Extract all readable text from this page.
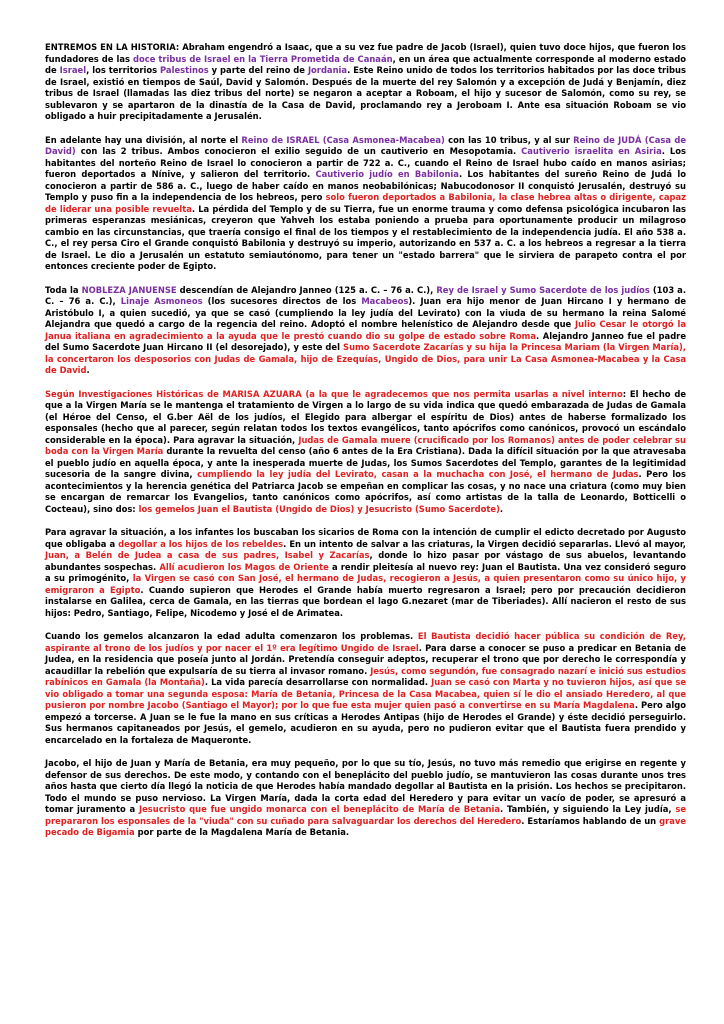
ENTREMOS EN LA HISTORIA: Abraham engendró a Isaac, que a su vez fue padre de Jacob (Israel), quien tuvo doce hijos, que fueron los fundadores de las doce tribus de Israel en la Tierra Prometida de Canaán, en un área que actualmente corresponde al moderno estado de Israel, los territorios Palestinos y parte del reino de Jordania. Este Reino unido de todos los territorios habitados por las doce tribus de Israel, existió en tiempos de Saúl, David y Salomón. Después de la muerte del rey Salomón y a excepción de Judá y Benjamín, diez tribus de Israel (llamadas las diez tribus del norte) se negaron a aceptar a Roboam, el hijo y sucesor de Salomón, como su rey, se sublevaron y se apartaron de la dinastía de la Casa de David, proclamando rey a Jeroboam I. Ante esa situación Roboam se vio obligado a huir precipitadamente a Jerusalén.

En adelante hay una división, al norte el Reino de ISRAEL (Casa Asmonea-Macabea) con las 10 tribus, y al sur Reino de JUDÁ (Casa de David) con las 2 tribus. Ambos conocieron el exilio seguido de un cautiverio en Mesopotamia. Cautiverio israelita en Asiria. Los habitantes del norteño Reino de Israel lo conocieron a partir de 722 a. C., cuando el Reino de Israel hubo caído en manos asirias; fueron deportados a Nínive, y salieron del territorio. Cautiverio judío en Babilonia. Los habitantes del sureño Reino de Judá lo conocieron a partir de 586 a. C., luego de haber caído en manos neobabilónicas; Nabucodonosor II conquistó Jerusalén, destruyó su Templo y puso fin a la independencia de los hebreos, pero solo fueron deportados a Babilonia, la clase hebrea altas o dirigente, capaz de liderar una posible revuelta. La pérdida del Templo y de su Tierra, fue un enorme trauma y como defensa psicológica incubaron las primeras esperanzas mesiánicas, creyeron que Yahveh los estaba poniendo a prueba para oportunamente producir un milagroso cambio en las circunstancias, que traería consigo el final de los tiempos y el restablecimiento de la independencia judía. El año 538 a. C., el rey persa Ciro el Grande conquistó Babilonia y destruyó su imperio, autorizando en 537 a. C. a los hebreos a regresar a la tierra de Israel. Le dio a Jerusalén un estatuto semiautónomo, para tener un "estado barrera" que le sirviera de parapeto contra el por entonces creciente poder de Egipto.

Toda la NOBLEZA JANUENSE descendían de Alejandro Janneo (125 a. C. – 76 a. C.), Rey de Israel y Sumo Sacerdote de los judíos (103 a. C. – 76 a. C.), Linaje Asmoneos (los sucesores directos de los Macabeos). Juan era hijo menor de Juan Hircano I y hermano de Aristóbulo I, a quien sucedió, ya que se casó (cumpliendo la ley judía del Levirato) con la viuda de su hermano la reina Salomé Alejandra que quedó a cargo de la regencia del reino. Adoptó el nombre helenístico de Alejandro desde que Julio Cesar le otorgó la Janua italiana en agradecimiento a la ayuda que le prestó cuando dio su golpe de estado sobre Roma. Alejandro Janneo fue el padre del Sumo Sacerdote Juan Hircano II (el desorejado), y este del Sumo Sacerdote Zacarías y su hija la Princesa Mariam (la Virgen María), la concertaron los desposorios con Judas de Gamala, hijo de Ezequías, Ungido de Dios, para unir La Casa Asmonea-Macabea y la Casa de David.

Según Investigaciones Históricas de MARISA AZUARA (a la que le agradecemos que nos permita usarlas a nivel interno: El hecho de que a la Virgen María se le mantenga el tratamiento de Virgen a lo largo de su vida indica que quedó embarazada de Judas de Gamala (el Héroe del Censo, el G.ber Aël de los judíos, el Elegido para albergar el espíritu de Dios) antes de haberse formalizado los esponsales (hecho que al parecer, según relatan todos los textos evangélicos, tanto apócrifos como canónicos, provocó un escándalo considerable en la época). Para agravar la situación, Judas de Gamala muere (crucificado por los Romanos) antes de poder celebrar su boda con la Virgen María durante la revuelta del censo (año 6 antes de la Era Cristiana). Dada la difícil situación por la que atravesaba el pueblo judío en aquella época, y ante la inesperada muerte de Judas, los Sumos Sacerdotes del Templo, garantes de la legitimidad sucesoria de la sangre divina, cumpliendo la ley judía del Levirato, casan a la muchacha con José, el hermano de Judas. Pero los acontecimientos y la herencia genética del Patriarca Jacob se empeñan en complicar las cosas, y no nace una criatura (como muy bien se encargan de remarcar los Evangelios, tanto canónicos como apócrifos, así como artistas de la talla de Leonardo, Botticelli o Cocteau), sino dos: los gemelos Juan el Bautista (Ungido de Dios) y Jesucristo (Sumo Sacerdote).

Para agravar la situación, a los infantes los buscaban los sicarios de Roma con la intención de cumplir el edicto decretado por Augusto que obligaba a degollar a los hijos de los rebeldes. En un intento de salvar a las criaturas, la Virgen decidió separarlas. Llevó al mayor, Juan, a Belén de Judea a casa de sus padres, Isabel y Zacarías, donde lo hizo pasar por vástago de sus abuelos, levantando abundantes sospechas. Allí acudieron los Magos de Oriente a rendir pleitesía al nuevo rey: Juan el Bautista. Una vez consideró seguro a su primogénito, la Virgen se casó con San José, el hermano de Judas, recogieron a Jesús, a quien presentaron como su único hijo, y emigraron a Egipto. Cuando supieron que Herodes el Grande había muerto regresaron a Israel; pero por precaución decidieron instalarse en Galilea, cerca de Gamala, en las tierras que bordean el lago G.nezaret (mar de Tiberiades). Allí nacieron el resto de sus hijos: Pedro, Santiago, Felipe, Nicodemo y José el de Arimatea.

Cuando los gemelos alcanzaron la edad adulta comenzaron los problemas. El Bautista decidió hacer pública su condición de Rey, aspirante al trono de los judíos y por nacer el 1º era legítimo Ungido de Israel. Para darse a conocer se puso a predicar en Betania de Judea, en la residencia que poseía junto al Jordán. Pretendía conseguir adeptos, recuperar el trono que por derecho le correspondía y acaudillar la rebelión que expulsaría de su tierra al invasor romano. Jesús, como segundón, fue consagrado nazarí e inició sus estudios rabínicos en Gamala (la Montaña). La vida parecía desarrollarse con normalidad. Juan se casó con Marta y no tuvieron hijos, así que se vio obligado a tomar una segunda esposa: María de Betania, Princesa de la Casa Macabea, quien sí le dio el ansiado Heredero, al que pusieron por nombre Jacobo (Santiago el Mayor); por lo que fue esta mujer quien pasó a convertirse en su María Magdalena. Pero algo empezó a torcerse. A Juan se le fue la mano en sus críticas a Herodes Antipas (hijo de Herodes el Grande) y éste decidió perseguirlo. Sus hermanos capitaneados por Jesús, el gemelo, acudieron en su ayuda, pero no pudieron evitar que el Bautista fuera prendido y encarcelado en la fortaleza de Maqueronte.

Jacobo, el hijo de Juan y María de Betania, era muy pequeño, por lo que su tío, Jesús, no tuvo más remedio que erigirse en regente y defensor de sus derechos. De este modo, y contando con el beneplácito del pueblo judío, se mantuvieron las cosas durante unos tres años hasta que cierto día llegó la noticia de que Herodes había mandado degollar al Bautista en la prisión. Los hechos se precipitaron. Todo el mundo se puso nervioso. La Virgen María, dada la corta edad del Heredero y para evitar un vacío de poder, se apresuró a tomar juramento a Jesucristo que fue ungido monarca con el beneplácito de María de Betania. También, y siguiendo la Ley judía, se prepararon los esponsales de la "viuda" con su cuñado para salvaguardar los derechos del Heredero. Estaríamos hablando de un grave pecado de Bigamia por parte de la Magdalena María de Betania.
